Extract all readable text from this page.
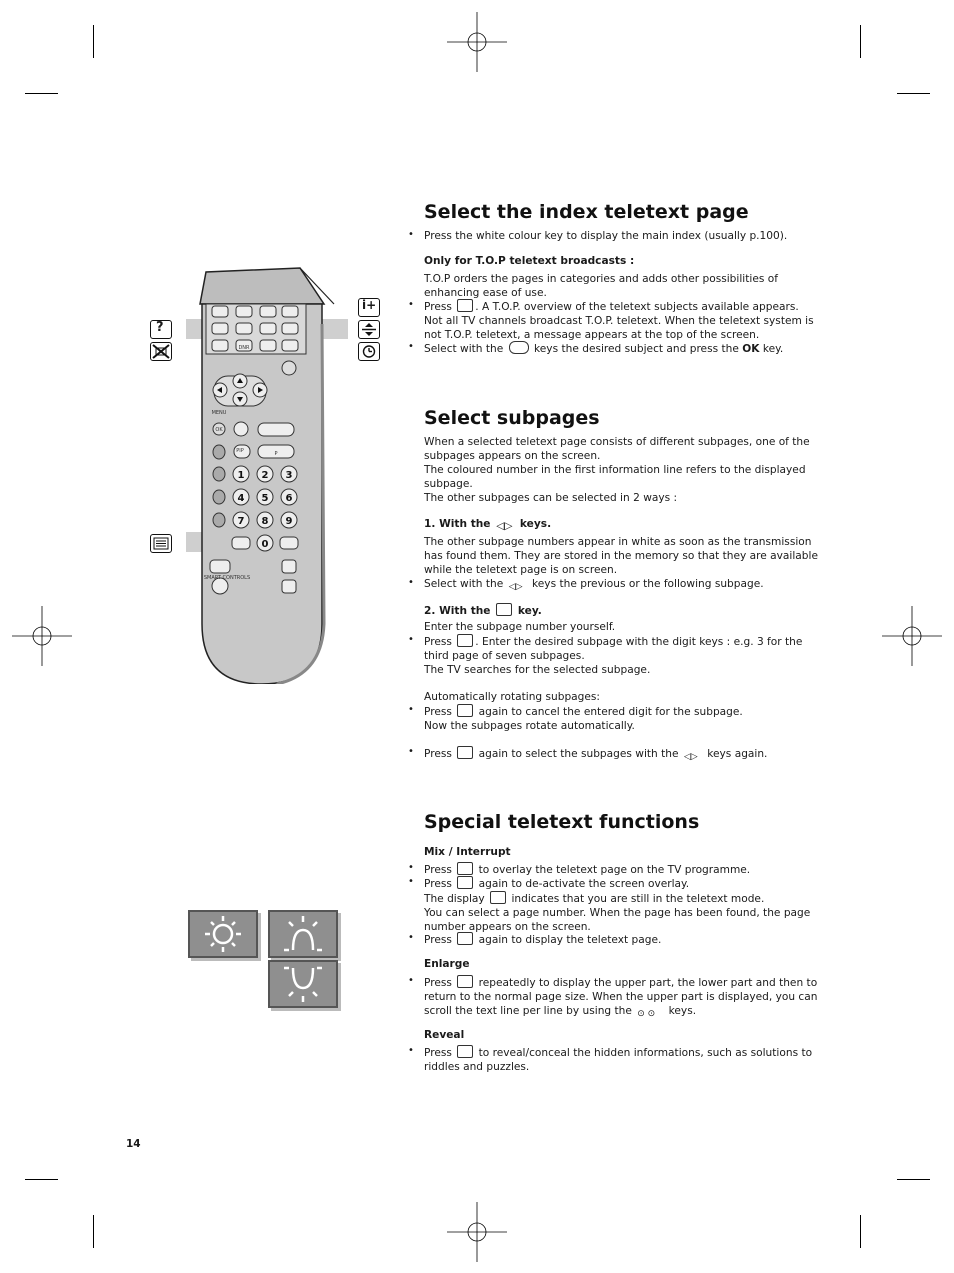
1 2 3
4 5 6
7 8 9
0
MENU
OK
PIP	P
DNR
SMART CONTROLS
?
i+
Select the index teletext page
• Press the white colour key to display the main index (usually p.100).
Only for T.O.P teletext broadcasts :
T.O.P orders the pages in categories and adds other possibilities of enhancing ease of use.
• Press . A T.O.P. overview of the teletext subjects available appears.
Not all TV channels broadcast T.O.P. teletext. When the teletext system is not T.O.P. teletext, a message appears at the top of the screen.
• Select with the	keys the desired subject and press the OK key.
Select subpages
When a selected teletext page consists of different subpages, one of the subpages appears on the screen.
The coloured number in the first information line refers to the displayed subpage.
The other subpages can be selected in 2 ways :
1. With the ◁▷ keys.
The other subpage numbers appear in white as soon as the transmission has found them. They are stored in the memory so that they are available while the teletext page is on screen.
• Select with the ◁▷ keys the previous or the following subpage.
2. With the	key.
Enter the subpage number yourself.
• Press . Enter the desired subpage with the digit keys : e.g. 3 for the third page of seven subpages.
The TV searches for the selected subpage.
Automatically rotating subpages:
• Press	again to cancel the entered digit for the subpage.
Now the subpages rotate automatically.
• Press	again to select the subpages with the ◁▷ keys again.
Special teletext functions
Mix / Interrupt
• Press	to overlay the teletext page on the TV programme.
• Press	again to de-activate the screen overlay.
The display	indicates that you are still in the teletext mode.
You can select a page number. When the page has been found, the page number appears on the screen.
• Press	again to display the teletext page.
Enlarge
• Press	repeatedly to display the upper part, the lower part and then to return to the normal page size. When the upper part is displayed, you can scroll the text line per line by using the ⊙ ⊙ keys.
Reveal
• Press	to reveal/conceal the hidden informations, such as solutions to riddles and puzzles.
14
